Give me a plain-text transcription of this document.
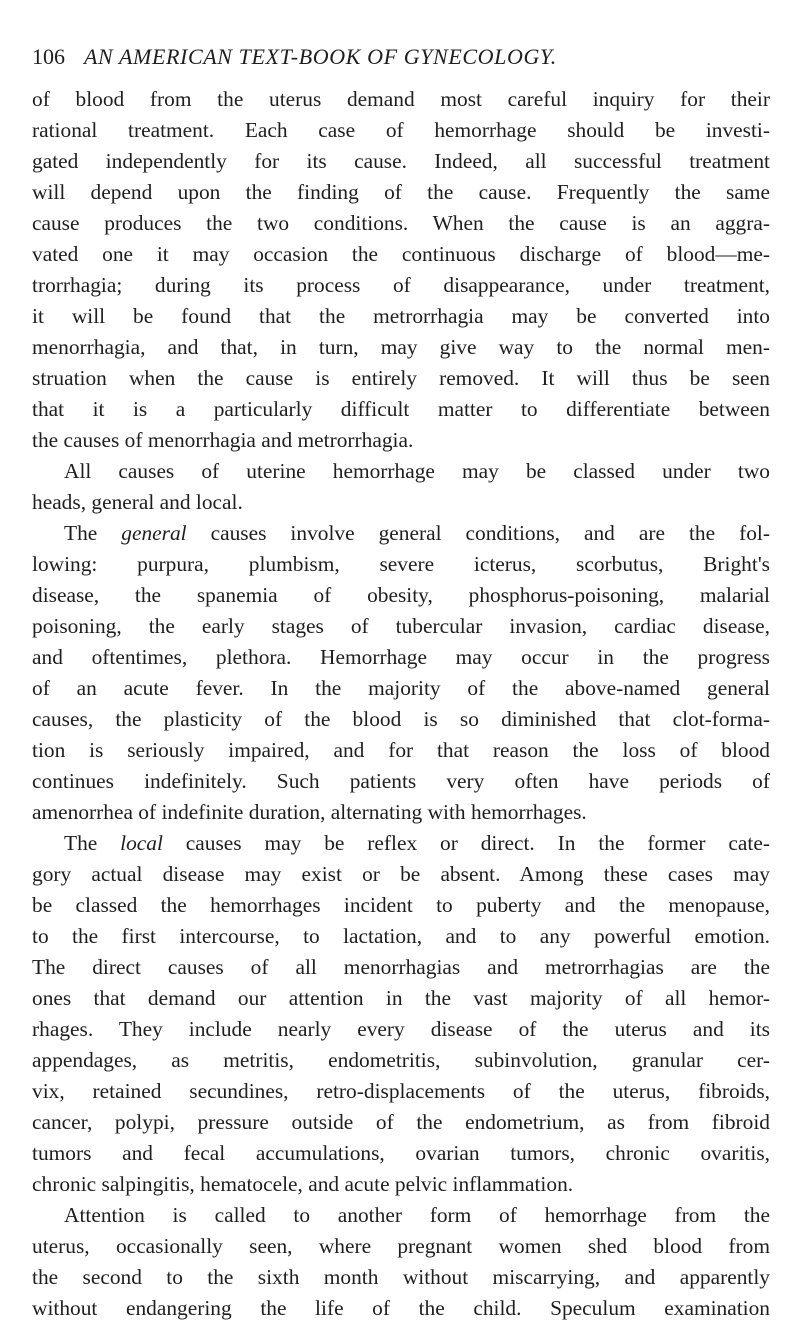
106 AN AMERICAN TEXT-BOOK OF GYNECOLOGY.
of blood from the uterus demand most careful inquiry for their
rational treatment. Each case of hemorrhage should be investi-
gated independently for its cause. Indeed, all successful treatment
will depend upon the finding of the cause. Frequently the same
cause produces the two conditions. When the cause is an aggra-
vated one it may occasion the continuous discharge of blood—me-
trorrhagia; during its process of disappearance, under treatment,
it will be found that the metrorrhagia may be converted into
menorrhagia, and that, in turn, may give way to the normal men-
struation when the cause is entirely removed. It will thus be seen
that it is a particularly difficult matter to differentiate between
the causes of menorrhagia and metrorrhagia.
All causes of uterine hemorrhage may be classed under two
heads, general and local.
The general causes involve general conditions, and are the fol-
lowing: purpura, plumbism, severe icterus, scorbutus, Bright's
disease, the spanemia of obesity, phosphorus-poisoning, malarial
poisoning, the early stages of tubercular invasion, cardiac disease,
and oftentimes, plethora. Hemorrhage may occur in the progress
of an acute fever. In the majority of the above-named general
causes, the plasticity of the blood is so diminished that clot-forma-
tion is seriously impaired, and for that reason the loss of blood
continues indefinitely. Such patients very often have periods of
amenorrhea of indefinite duration, alternating with hemorrhages.
The local causes may be reflex or direct. In the former cate-
gory actual disease may exist or be absent. Among these cases may
be classed the hemorrhages incident to puberty and the menopause,
to the first intercourse, to lactation, and to any powerful emotion.
The direct causes of all menorrhagias and metrorrhagias are the
ones that demand our attention in the vast majority of all hemor-
rhages. They include nearly every disease of the uterus and its
appendages, as metritis, endometritis, subinvolution, granular cer-
vix, retained secundines, retro-displacements of the uterus, fibroids,
cancer, polypi, pressure outside of the endometrium, as from fibroid
tumors and fecal accumulations, ovarian tumors, chronic ovaritis,
chronic salpingitis, hematocele, and acute pelvic inflammation.
Attention is called to another form of hemorrhage from the
uterus, occasionally seen, where pregnant women shed blood from
the second to the sixth month without miscarrying, and apparently
without endangering the life of the child. Speculum examination
